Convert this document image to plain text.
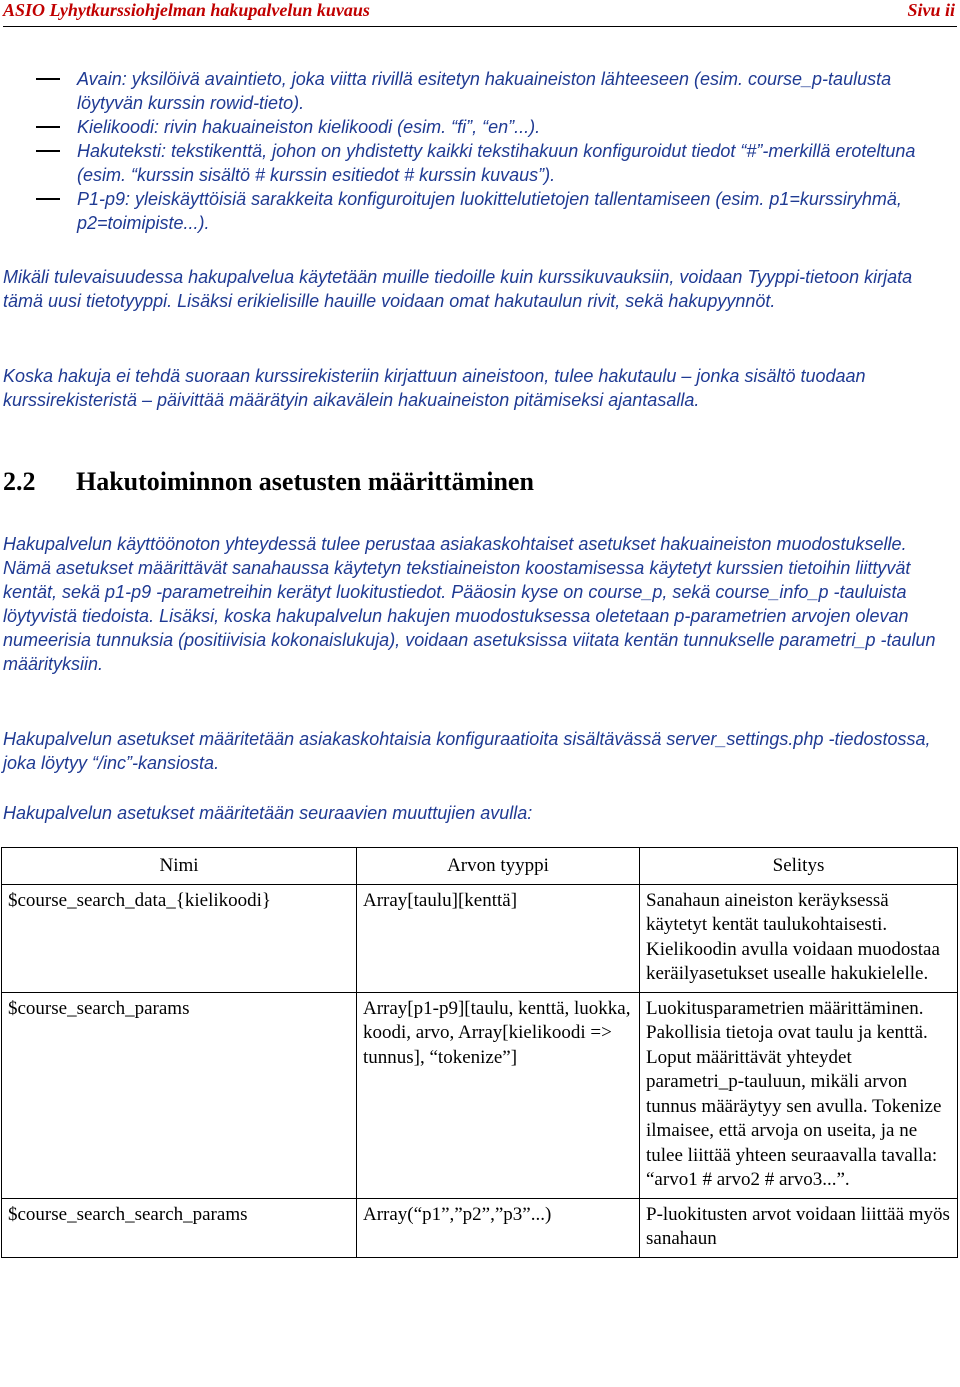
ASIO Lyhytkurssiohjelman hakupalvelun kuvaus	Sivu ii
Avain: yksilöivä avaintieto, joka viitta rivillä esitetyn hakuaineiston lähteeseen (esim. course_p-taulusta löytyvän kurssin rowid-tieto).
Kielikoodi: rivin hakuaineiston kielikoodi (esim. “fi”, “en”...).
Hakuteksti: tekstikenttä, johon on yhdistetty kaikki tekstihakuun konfiguroidut tiedot “#”-merkillä eroteltuna (esim. “kurssin sisältö # kurssin esitiedot # kurssin kuvaus”).
P1-p9: yleiskäyttöisiä sarakkeita konfiguroitujen luokittelutietojen tallentamiseen (esim. p1=kurssiryhmä, p2=toimipiste...).

Mikäli tulevaisuudessa hakupalvelua käytetään muille tiedoille kuin kurssikuvauksiin, voidaan Tyyppi-tietoon kirjata tämä uusi tietotyyppi. Lisäksi erikielisille hauille voidaan omat hakutaulun rivit, sekä hakupyynnöt.

Koska hakuja ei tehdä suoraan kurssirekisteriin kirjattuun aineistoon, tulee hakutaulu – jonka sisältö tuodaan kurssirekisteristä – päivittää määrätyin aikavälein hakuaineiston pitämiseksi ajantasalla.

2.2 Hakutoiminnon asetusten määrittäminen

Hakupalvelun käyttöönoton yhteydessä tulee perustaa asiakaskohtaiset asetukset hakuaineiston muodostukselle. Nämä asetukset määrittävät sanahaussa käytetyn tekstiaineiston koostamisessa käytetyt kurssien tietoihin liittyvät kentät, sekä p1-p9 -parametreihin kerätyt luokitustiedot. Pääosin kyse on course_p, sekä course_info_p -tauluista löytyvistä tiedoista. Lisäksi, koska hakupalvelun hakujen muodostuksessa oletetaan p-parametrien arvojen olevan numeerisia tunnuksia (positiivisia kokonaislukuja), voidaan asetuksissa viitata kentän tunnukselle parametri_p -taulun määrityksiin.

Hakupalvelun asetukset määritetään asiakaskohtaisia konfiguraatioita sisältävässä server_settings.php -tiedostossa, joka löytyy “/inc”-kansiosta.

Hakupalvelun asetukset määritetään seuraavien muuttujien avulla:

Nimi	Arvon tyyppi	Selitys
$course_search_data_{kielikoodi}	Array[taulu][kenttä]	Sanahaun aineiston keräyksessä käytetyt kentät taulukohtaisesti. Kielikoodin avulla voidaan muodostaa keräilyasetukset usealle hakukielelle.
$course_search_params	Array[p1-p9][taulu, kenttä, luokka, koodi, arvo, Array[kielikoodi => tunnus], “tokenize”]	Luokitusparametrien määrittäminen. Pakollisia tietoja ovat taulu ja kenttä. Loput määrittävät yhteydet parametri_p-tauluun, mikäli arvon tunnus määräytyy sen avulla. Tokenize ilmaisee, että arvoja on useita, ja ne tulee liittää yhteen seuraavalla tavalla: “arvo1 # arvo2 # arvo3...”.
$course_search_search_params	Array(“p1”,”p2”,”p3”...)	P-luokitusten arvot voidaan liittää myös sanahaun
